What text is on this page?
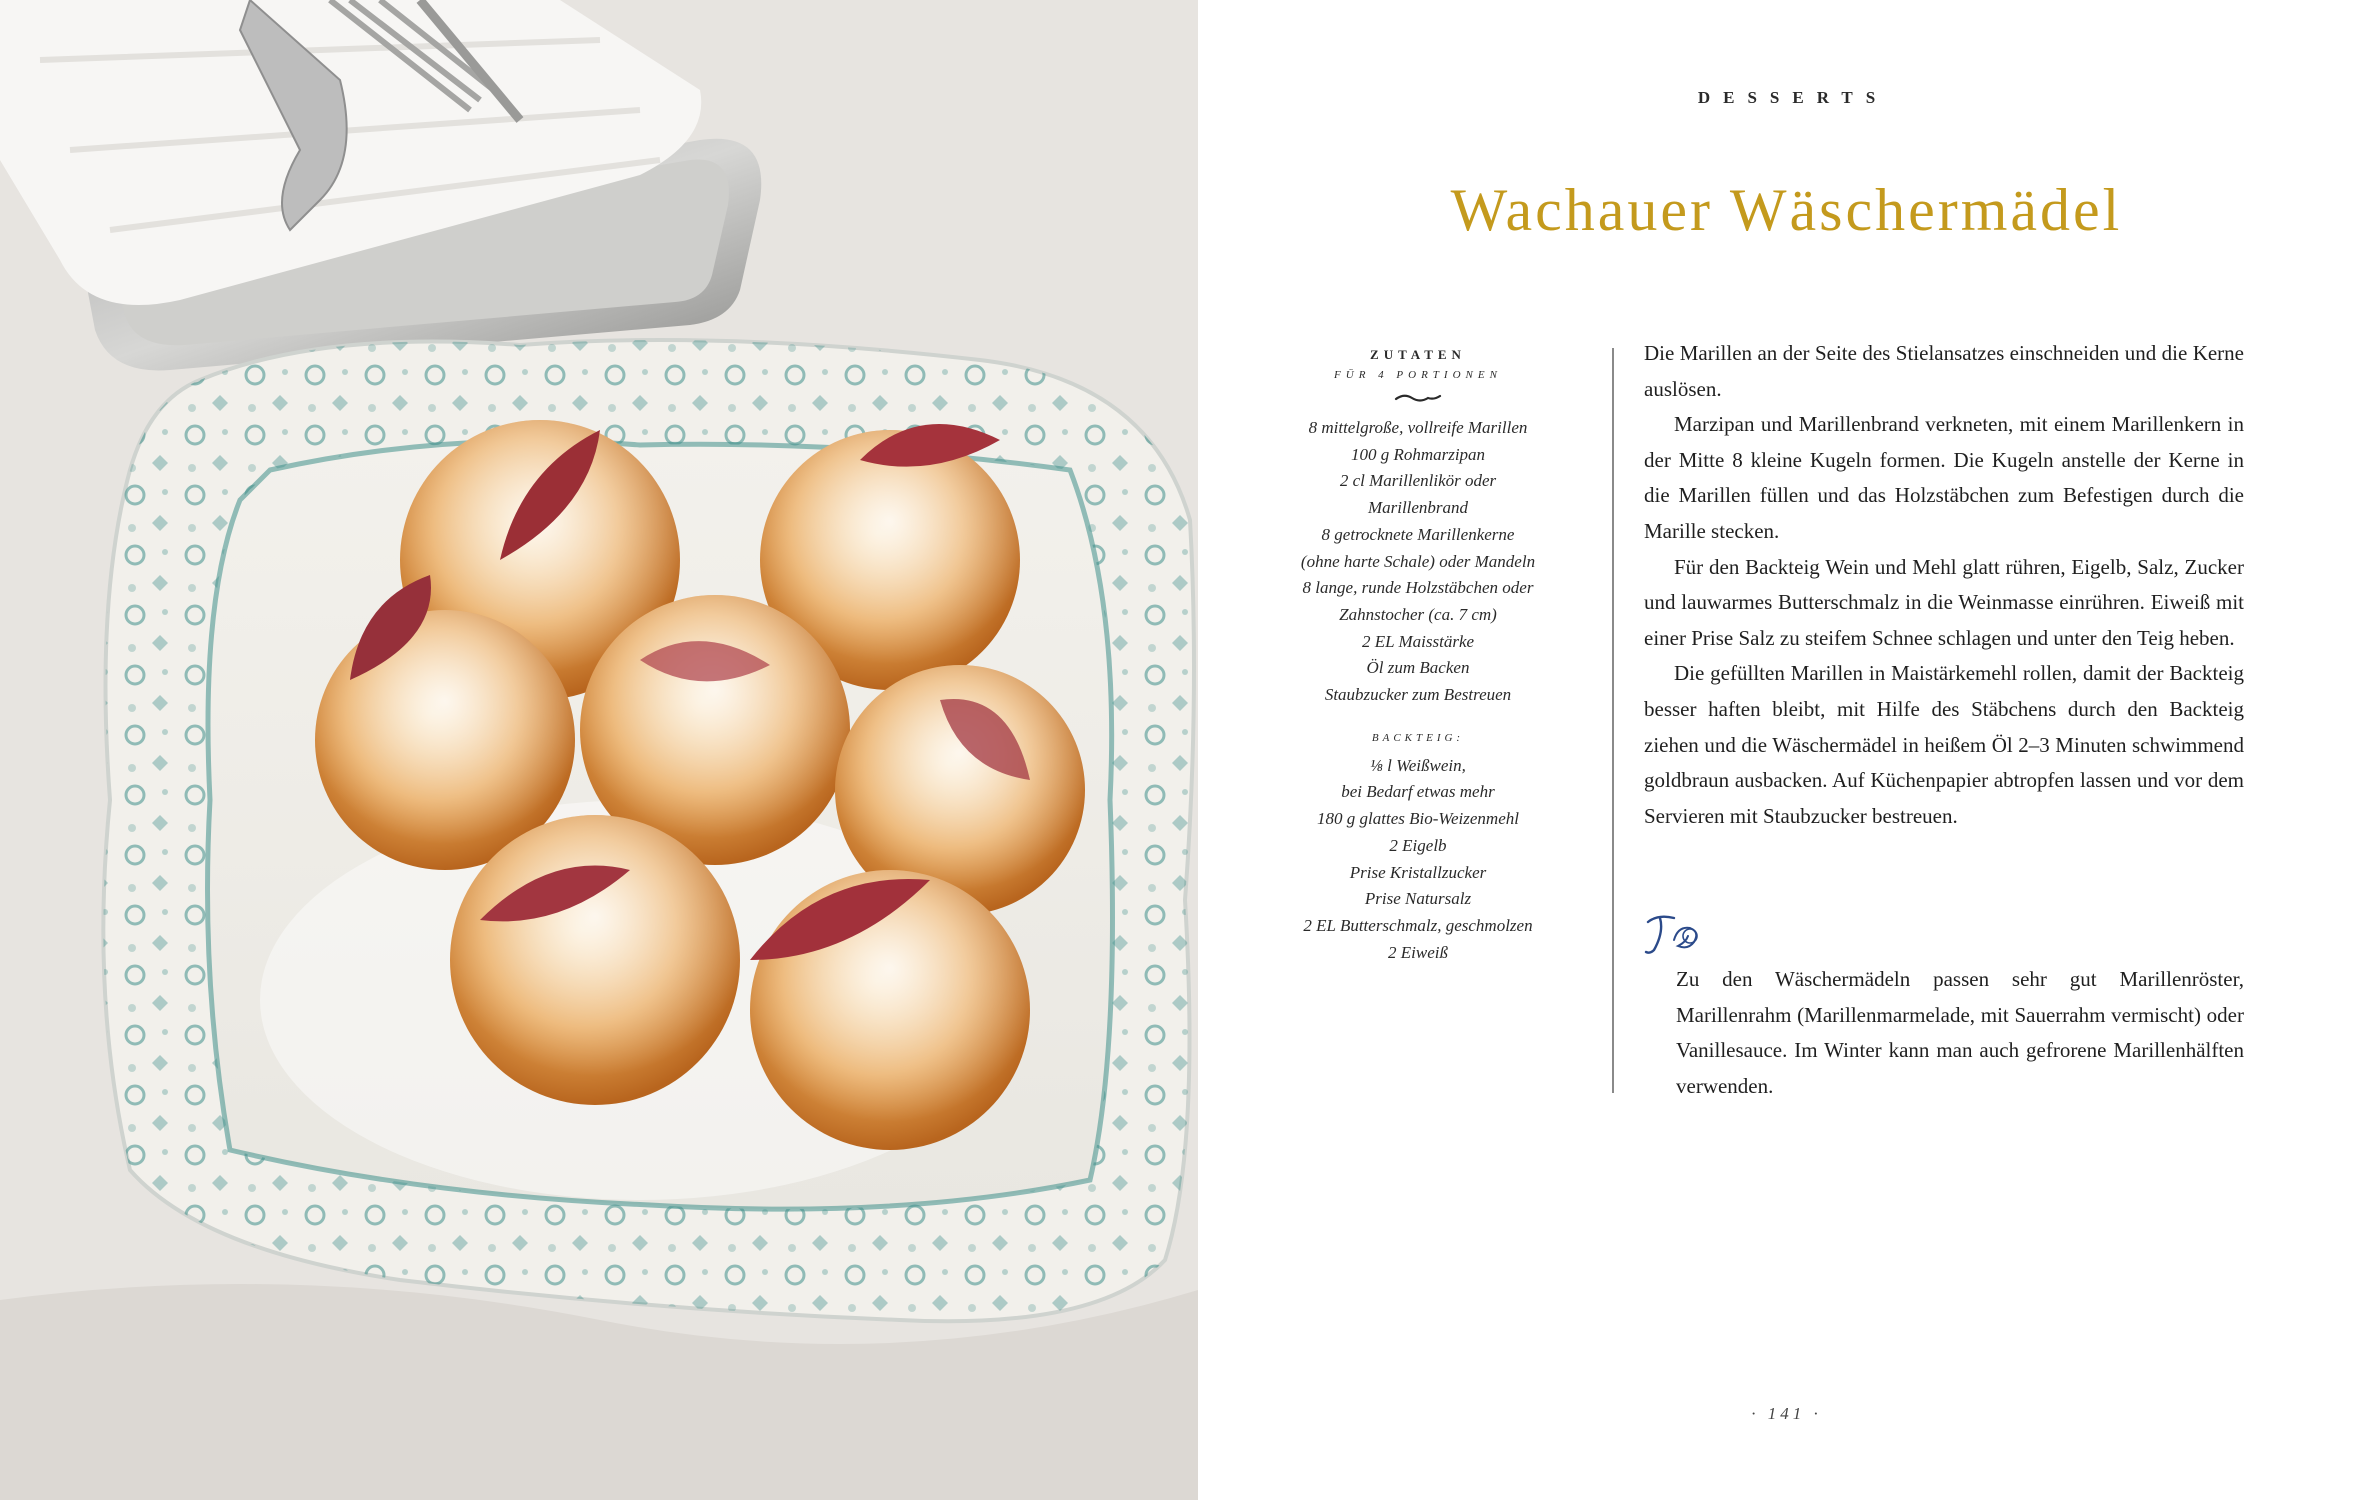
DESSERTS
Wachauer Wäschermädel
ZUTATEN
FÜR 4 PORTIONEN
8 mittelgroße, vollreife Marillen
100 g Rohmarzipan
2 cl Marillenlikör oder
Marillenbrand
8 getrocknete Marillenkerne
(ohne harte Schale) oder Mandeln
8 lange, runde Holzstäbchen oder
Zahnstocher (ca. 7 cm)
2 EL Maisstärke
Öl zum Backen
Staubzucker zum Bestreuen
BACKTEIG:
⅛ l Weißwein,
bei Bedarf etwas mehr
180 g glattes Bio-Weizenmehl
2 Eigelb
Prise Kristallzucker
Prise Natursalz
2 EL Butterschmalz, geschmolzen
2 Eiweiß

Die Marillen an der Seite des Stielansatzes einschneiden und die Kerne auslösen.

Marzipan und Marillenbrand verkneten, mit einem Marillenkern in der Mitte 8 kleine Kugeln formen. Die Kugeln anstelle der Kerne in die Marillen füllen und das Holzstäbchen zum Befestigen durch die Marille stecken.

Für den Backteig Wein und Mehl glatt rühren, Eigelb, Salz, Zucker und lauwarmes Butterschmalz in die Weinmasse einrühren. Eiweiß mit einer Prise Salz zu steifem Schnee schlagen und unter den Teig heben.

Die gefüllten Marillen in Maistärkemehl rollen, damit der Backteig besser haften bleibt, mit Hilfe des Stäbchens durch den Backteig ziehen und die Wäschermädel in heißem Öl 2–3 Minuten schwimmend goldbraun ausbacken. Auf Küchenpapier abtropfen lassen und vor dem Servieren mit Staubzucker bestreuen.

Zu den Wäschermädeln passen sehr gut Marillenröster, Marillenrahm (Marillenmarmelade, mit Sauerrahm vermischt) oder Vanillesauce. Im Winter kann man auch gefrorene Marillenhälften verwenden.

· 141 ·
